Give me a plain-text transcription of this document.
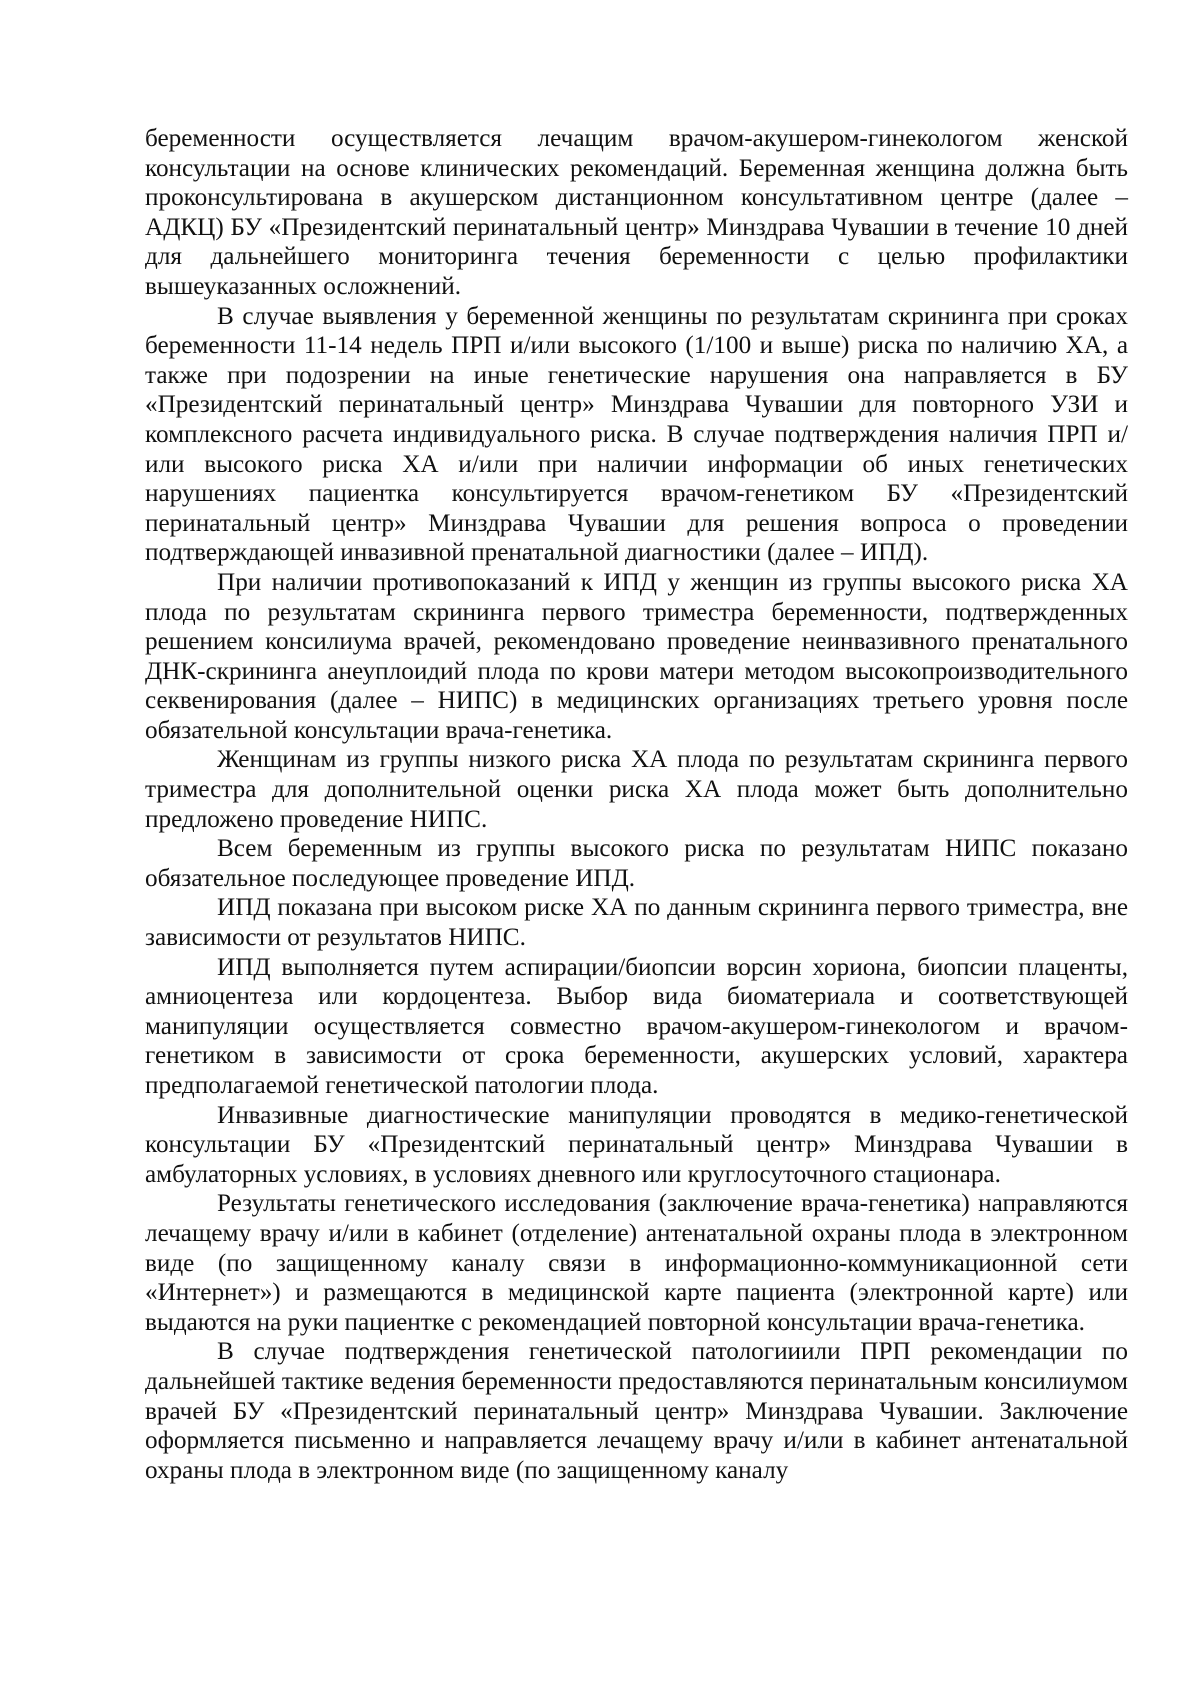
беременности осуществляется лечащим врачом-акушером-гинекологом женской консультации на основе клинических рекомендаций. Беременная женщина должна быть проконсультирована в акушерском дистанционном консультативном центре (далее – АДКЦ) БУ «Президентский перинатальный центр» Минздрава Чувашии в течение 10 дней для дальнейшего мониторинга течения беременности с целью профилактики вышеуказанных осложнений.

В случае выявления у беременной женщины по результатам скрининга при сроках беременности 11-14 недель ПРП и/или высокого (1/100 и выше) риска по наличию ХА, а также при подозрении на иные генетические нарушения она направляется в БУ «Президентский перинатальный центр» Минздрава Чувашии для повторного УЗИ и комплексного расчета индивидуального риска. В случае подтверждения наличия ПРП и/или высокого риска ХА и/или при наличии информации об иных генетических нарушениях пациентка консультируется врачом-генетиком БУ «Президентский перинатальный центр» Минздрава Чувашии для решения вопроса о проведении подтверждающей инвазивной пренатальной диагностики (далее – ИПД).

При наличии противопоказаний к ИПД у женщин из группы высокого риска ХА плода по результатам скрининга первого триместра беременности, подтвержденных решением консилиума врачей, рекомендовано проведение неинвазивного пренатального ДНК-скрининга анеуплоидий плода по крови матери методом высокопроизводительного секвенирования (далее – НИПС) в медицинских организациях третьего уровня после обязательной консультации врача-генетика.

Женщинам из группы низкого риска ХА плода по результатам скрининга первого триместра для дополнительной оценки риска ХА плода может быть дополнительно предложено проведение НИПС.

Всем беременным из группы высокого риска по результатам НИПС показано обязательное последующее проведение ИПД.

ИПД показана при высоком риске ХА по данным скрининга первого триместра, вне зависимости от результатов НИПС.

ИПД выполняется путем аспирации/биопсии ворсин хориона, биопсии плаценты, амниоцентеза или кордоцентеза. Выбор вида биоматериала и соответствующей манипуляции осуществляется совместно врачом-акушером-гинекологом и врачом-генетиком в зависимости от срока беременности, акушерских условий, характера предполагаемой генетической патологии плода.

Инвазивные диагностические манипуляции проводятся в медико-генетической консультации БУ «Президентский перинатальный центр» Минздрава Чувашии в амбулаторных условиях, в условиях дневного или круглосуточного стационара.

Результаты генетического исследования (заключение врача-генетика) направляются лечащему врачу и/или в кабинет (отделение) антенатальной охраны плода в электронном виде (по защищенному каналу связи в информационно-коммуникационной сети «Интернет») и размещаются в медицинской карте пациента (электронной карте) или выдаются на руки пациентке с рекомендацией повторной консультации врача-генетика.

В случае подтверждения генетической патологииили ПРП рекомендации по дальнейшей тактике ведения беременности предоставляются перинатальным консилиумом врачей БУ «Президентский перинатальный центр» Минздрава Чувашии. Заключение оформляется письменно и направляется лечащему врачу и/или в кабинет антенатальной охраны плода в электронном виде (по защищенному каналу
